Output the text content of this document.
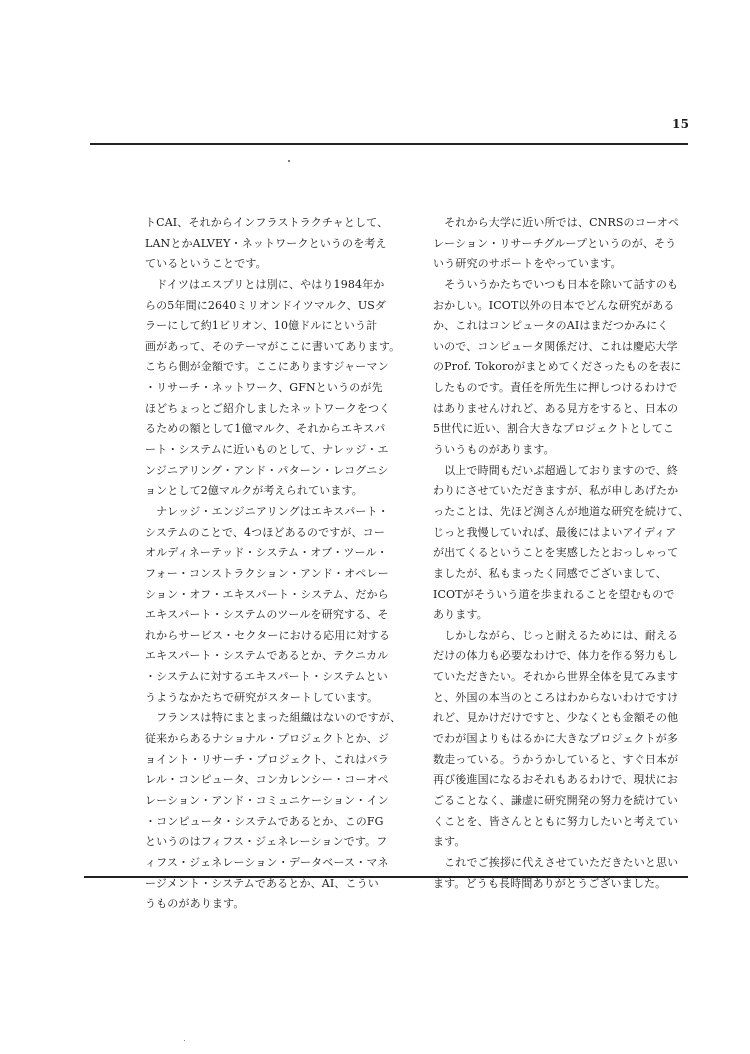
15
トCAI、それからインフラストラクチャとして、
LANとかALVEY・ネットワークというのを考え
ているということです。
　ドイツはエスプリとは別に、やはり1984年か
らの5年間に2640ミリオンドイツマルク、USダ
ラーにして約1ビリオン、10億ドルにという計
画があって、そのテーマがここに書いてあります。
こちら側が金額です。ここにありますジャーマン
・リサーチ・ネットワーク、GFNというのが先
ほどちょっとご紹介しましたネットワークをつく
るための額として1億マルク、それからエキスパ
ート・システムに近いものとして、ナレッジ・エ
ンジニアリング・アンド・パターン・レコグニシ
ョンとして2億マルクが考えられています。
　ナレッジ・エンジニアリングはエキスパート・
システムのことで、4つほどあるのですが、コー
オルディネーテッド・システム・オブ・ツール・
フォー・コンストラクション・アンド・オペレー
ション・オフ・エキスパート・システム、だから
エキスパート・システムのツールを研究する、そ
れからサービス・セクターにおける応用に対する
エキスパート・システムであるとか、テクニカル
・システムに対するエキスパート・システムとい
うようなかたちで研究がスタートしています。
　フランスは特にまとまった組織はないのですが、
従来からあるナショナル・プロジェクトとか、ジ
ョイント・リサーチ・プロジェクト、これはパラ
レル・コンピュータ、コンカレンシー・コーオペ
レーション・アンド・コミュニケーション・イン
・コンピュータ・システムであるとか、このFG
というのはフィフス・ジェネレーションです。フ
ィフス・ジェネレーション・データベース・マネ
ージメント・システムであるとか、AI、こうい
うものがあります。
　それから大学に近い所では、CNRSのコーオペ
レーション・リサーチグループというのが、そう
いう研究のサポートをやっています。
　そういうかたちでいつも日本を除いて話すのも
おかしい。ICOT以外の日本でどんな研究がある
か、これはコンピュータのAIはまだつかみにく
いので、コンピュータ関係だけ、これは慶応大学
のProf. Tokoroがまとめてくださったものを表に
したものです。責任を所先生に押しつけるわけで
はありませんけれど、ある見方をすると、日本の
5世代に近い、割合大きなプロジェクトとしてこ
ういうものがあります。
　以上で時間もだいぶ超過しておりますので、終
わりにさせていただきますが、私が申しあげたか
ったことは、先ほど渕さんが地道な研究を続けて、
じっと我慢していれば、最後にはよいアイディア
が出てくるということを実感したとおっしゃって
ましたが、私もまったく同感でございまして、
ICOTがそういう道を歩まれることを望むもので
あります。
　しかしながら、じっと耐えるためには、耐える
だけの体力も必要なわけで、体力を作る努力もし
ていただきたい。それから世界全体を見てみます
と、外国の本当のところはわからないわけですけ
れど、見かけだけですと、少なくとも金額その他
でわが国よりもはるかに大きなプロジェクトが多
数走っている。うかうかしていると、すぐ日本が
再び後進国になるおそれもあるわけで、現状にお
ごることなく、謙虚に研究開発の努力を続けてい
くことを、皆さんとともに努力したいと考えてい
ます。
　これでご挨拶に代えさせていただきたいと思い
ます。どうも長時間ありがとうございました。
